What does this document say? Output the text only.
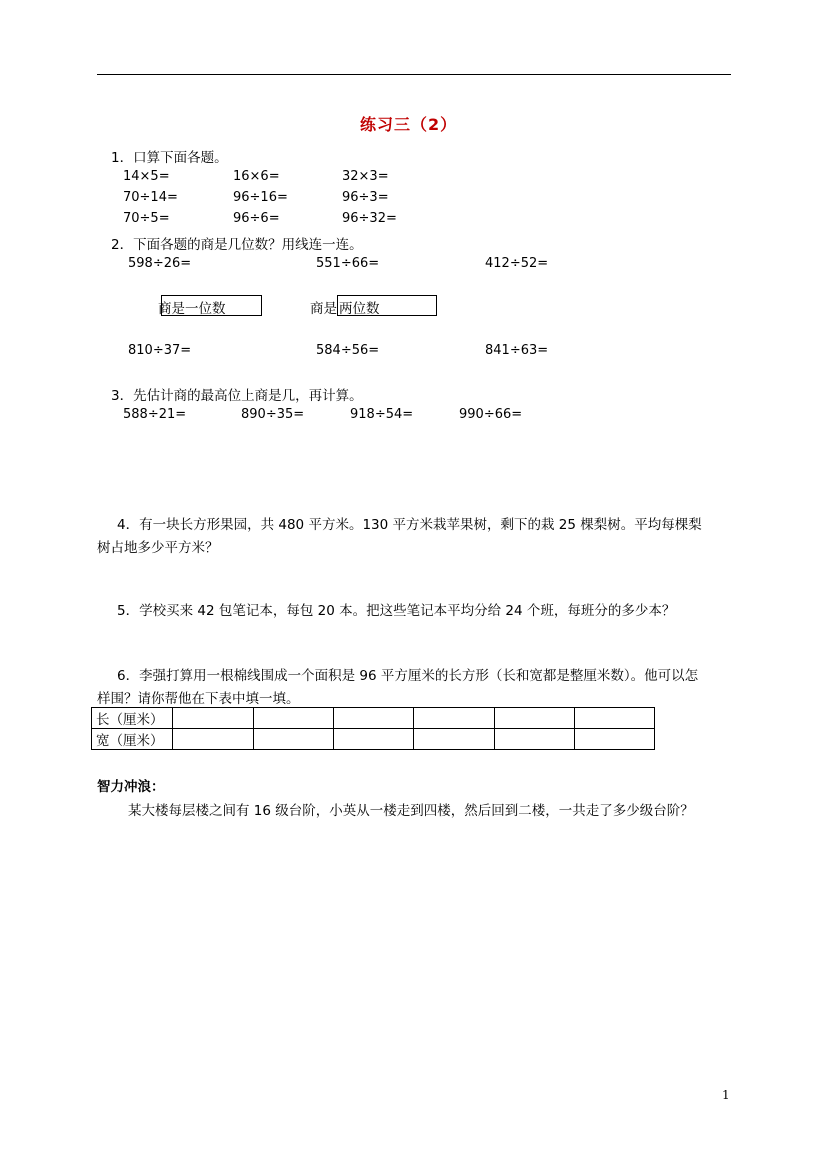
练习三（2）
1．口算下面各题。
14×5=	16×6=	32×3=
70÷14=	96÷16=	96÷3=
70÷5=	96÷6=	96÷32=
2．下面各题的商是几位数？用线连一连。
598÷26=	551÷66=	412÷52=
商是一位数	商是 两位数
810÷37=	584÷56=	841÷63=
3．先估计商的最高位上商是几，再计算。
588÷21=	890÷35=	918÷54=	990÷66=
4．有一块长方形果园，共 480 平方米。130 平方米栽苹果树，剩下的栽 25 棵梨树。平均每棵梨
树占地多少平方米？
5．学校买来 42 包笔记本，每包 20 本。把这些笔记本平均分给 24 个班，每班分的多少本？
6．李强打算用一根棉线围成一个面积是 96 平方厘米的长方形（长和宽都是整厘米数）。他可以怎
样围？请你帮他在下表中填一填。
长（厘米）						
宽（厘米）						
智力冲浪：
某大楼每层楼之间有 16 级台阶，小英从一楼走到四楼，然后回到二楼，一共走了多少级台阶？
1
